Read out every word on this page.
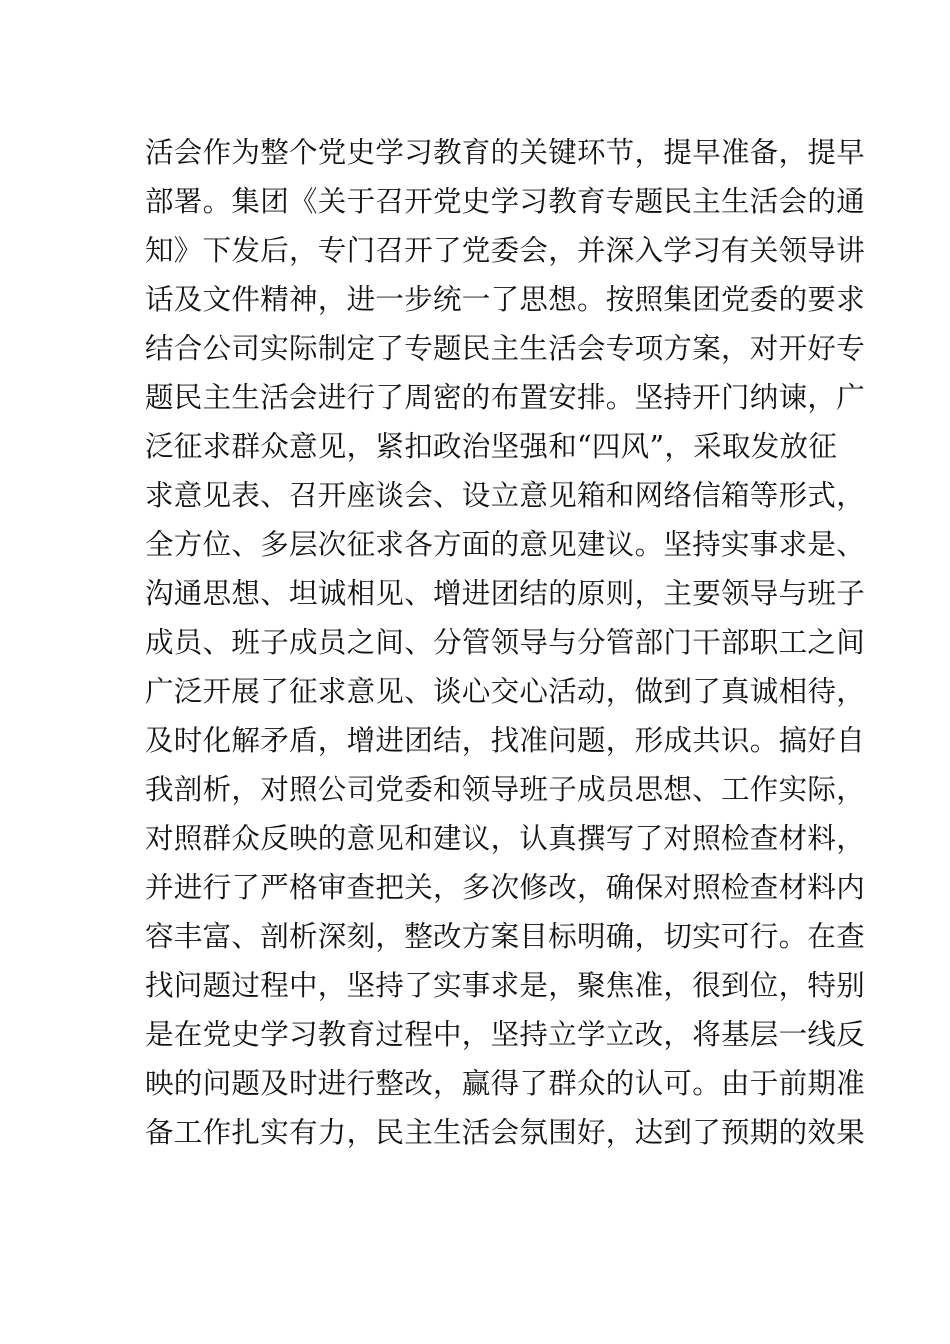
活会作为整个党史学习教育的关键环节，提早准备，提早
部署。集团《关于召开党史学习教育专题民主生活会的通
知》下发后，专门召开了党委会，并深入学习有关领导讲
话及文件精神，进一步统一了思想。按照集团党委的要求
结合公司实际制定了专题民主生活会专项方案，对开好专
题民主生活会进行了周密的布置安排。坚持开门纳谏，广
泛征求群众意见，紧扣政治坚强和“四风”，采取发放征
求意见表、召开座谈会、设立意见箱和网络信箱等形式，
全方位、多层次征求各方面的意见建议。坚持实事求是、
沟通思想、坦诚相见、增进团结的原则，主要领导与班子
成员、班子成员之间、分管领导与分管部门干部职工之间
广泛开展了征求意见、谈心交心活动，做到了真诚相待，
及时化解矛盾，增进团结，找准问题，形成共识。搞好自
我剖析，对照公司党委和领导班子成员思想、工作实际，
对照群众反映的意见和建议，认真撰写了对照检查材料，
并进行了严格审查把关，多次修改，确保对照检查材料内
容丰富、剖析深刻，整改方案目标明确，切实可行。在查
找问题过程中，坚持了实事求是，聚焦准，很到位，特别
是在党史学习教育过程中，坚持立学立改，将基层一线反
映的问题及时进行整改，赢得了群众的认可。由于前期准
备工作扎实有力，民主生活会氛围好，达到了预期的效果
